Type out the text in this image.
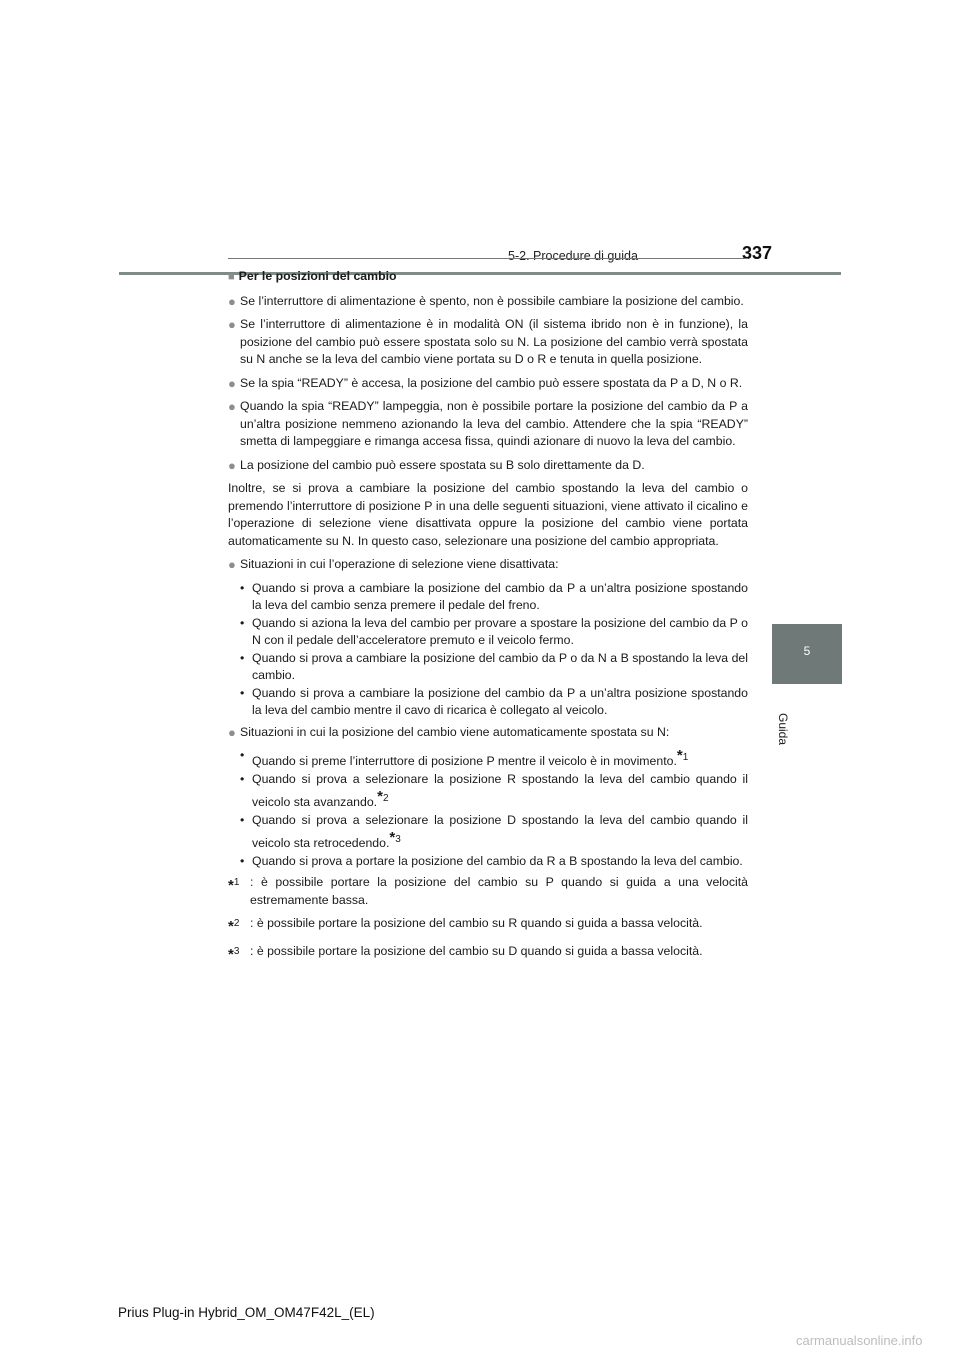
5-2. Procedure di guida	337
5
Guida
■ Per le posizioni del cambio
● Se l’interruttore di alimentazione è spento, non è possibile cambiare la posizione del cambio.
● Se l’interruttore di alimentazione è in modalità ON (il sistema ibrido non è in funzione), la posizione del cambio può essere spostata solo su N. La posizione del cambio verrà spostata su N anche se la leva del cambio viene portata su D o R e tenuta in quella posizione.
● Se la spia “READY” è accesa, la posizione del cambio può essere spostata da P a D, N o R.
● Quando la spia “READY” lampeggia, non è possibile portare la posizione del cambio da P a un’altra posizione nemmeno azionando la leva del cambio. Attendere che la spia “READY” smetta di lampeggiare e rimanga accesa fissa, quindi azionare di nuovo la leva del cambio.
● La posizione del cambio può essere spostata su B solo direttamente da D.
Inoltre, se si prova a cambiare la posizione del cambio spostando la leva del cambio o premendo l’interruttore di posizione P in una delle seguenti situazioni, viene attivato il cicalino e l’operazione di selezione viene disattivata oppure la posizione del cambio viene portata automaticamente su N. In questo caso, selezionare una posizione del cambio appropriata.
● Situazioni in cui l’operazione di selezione viene disattivata:
• Quando si prova a cambiare la posizione del cambio da P a un’altra posizione spostando la leva del cambio senza premere il pedale del freno.
• Quando si aziona la leva del cambio per provare a spostare la posizione del cambio da P o N con il pedale dell’acceleratore premuto e il veicolo fermo.
• Quando si prova a cambiare la posizione del cambio da P o da N a B spostando la leva del cambio.
• Quando si prova a cambiare la posizione del cambio da P a un’altra posizione spostando la leva del cambio mentre il cavo di ricarica è collegato al veicolo.
● Situazioni in cui la posizione del cambio viene automaticamente spostata su N:
• Quando si preme l’interruttore di posizione P mentre il veicolo è in movimento.$^{*1}$
• Quando si prova a selezionare la posizione R spostando la leva del cambio quando il veicolo sta avanzando.$^{*2}$
• Quando si prova a selezionare la posizione D spostando la leva del cambio quando il veicolo sta retrocedendo.$^{*3}$
• Quando si prova a portare la posizione del cambio da R a B spostando la leva del cambio.
*$^1$ : è possibile portare la posizione del cambio su P quando si guida a una velocità estremamente bassa.
*$^2$ : è possibile portare la posizione del cambio su R quando si guida a bassa velocità.
*$^3$ : è possibile portare la posizione del cambio su D quando si guida a bassa velocità.
Prius Plug-in Hybrid_OM_OM47F42L_(EL)
carmanualsonline.info
